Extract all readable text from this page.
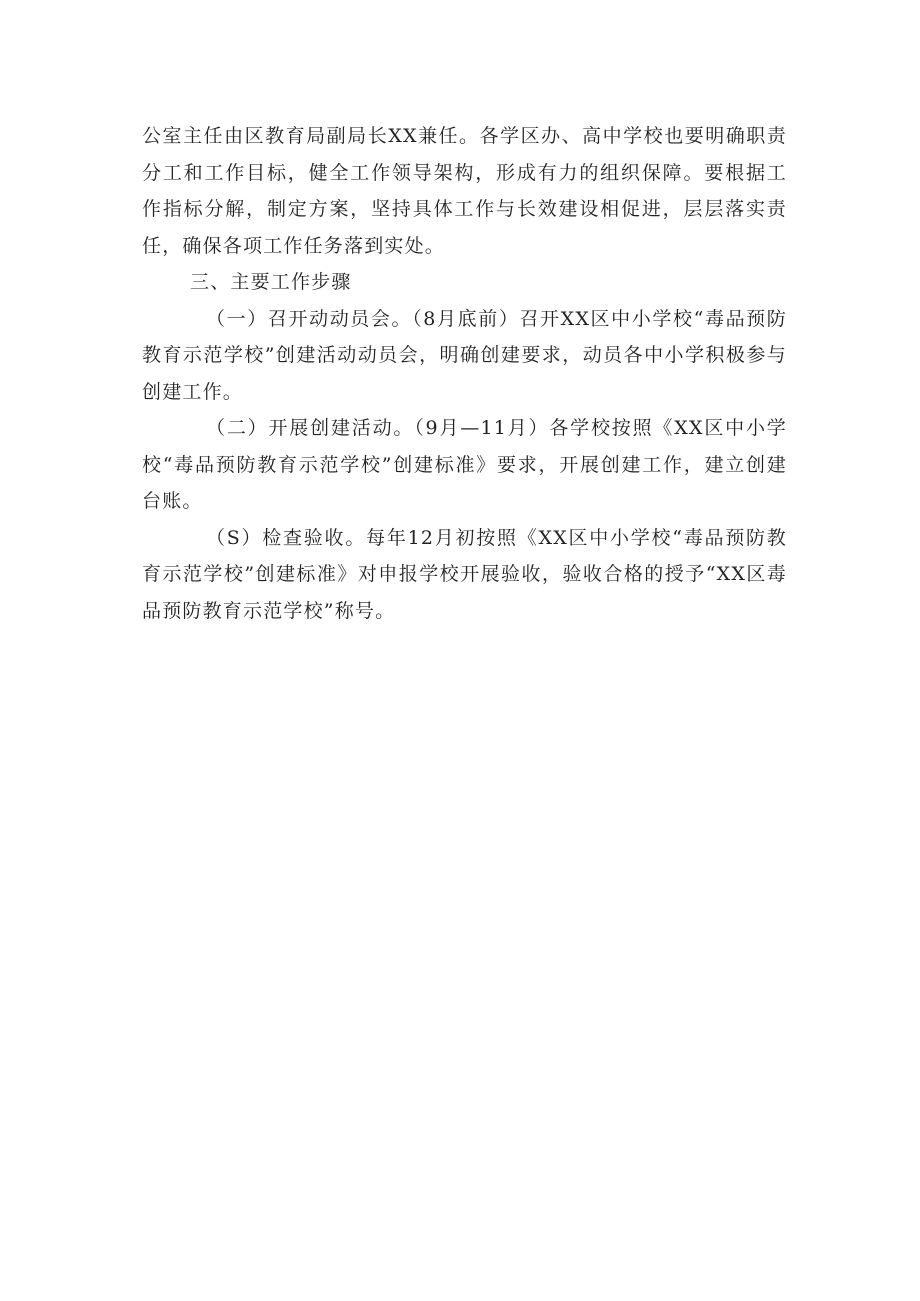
公室主任由区教育局副局长XX兼任。各学区办、高中学校也要明确职责分工和工作目标，健全工作领导架构，形成有力的组织保障。要根据工作指标分解，制定方案，坚持具体工作与长效建设相促进，层层落实责任，确保各项工作任务落到实处。

三、主要工作步骤

（一）召开动动员会。（8月底前）召开XX区中小学校“毒品预防教育示范学校”创建活动动员会，明确创建要求，动员各中小学积极参与创建工作。

（二）开展创建活动。（9月—11月）各学校按照《XX区中小学校“毒品预防教育示范学校”创建标准》要求，开展创建工作，建立创建台账。

（S）检查验收。每年12月初按照《XX区中小学校“毒品预防教育示范学校”创建标准》对申报学校开展验收，验收合格的授予“XX区毒品预防教育示范学校”称号。
